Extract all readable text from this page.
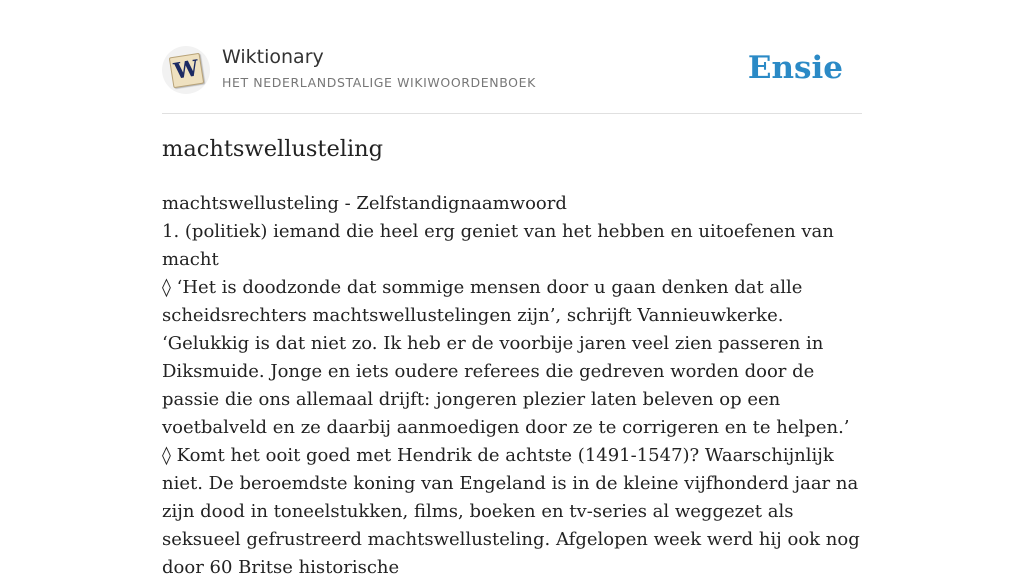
W Wiktionary
HET NEDERLANDSTALIGE WIKIWOORDENBOEK	Ensie
machtswellusteling

machtswellusteling - Zelfstandignaamwoord

1. (politiek) iemand die heel erg geniet van het hebben en uitoefenen van macht

◊ ‘Het is doodzonde dat sommige mensen door u gaan denken dat alle scheidsrechters machtswellustelingen zijn’, schrijft Vannieuwkerke. ‘Gelukkig is dat niet zo. Ik heb er de voorbije jaren veel zien passeren in Diksmuide. Jonge en iets oudere referees die gedreven worden door de passie die ons allemaal drijft: jongeren plezier laten beleven op een voetbalveld en ze daarbij aanmoedigen door ze te corrigeren en te helpen.’

◊ Komt het ooit goed met Hendrik de achtste (1491-1547)? Waarschijnlijk niet. De beroemdste koning van Engeland is in de kleine vijfhonderd jaar na zijn dood in toneelstukken, films, boeken en tv-series al weggezet als seksueel gefrustreerd machtswellusteling. Afgelopen week werd hij ook nog door 60 Britse historische
